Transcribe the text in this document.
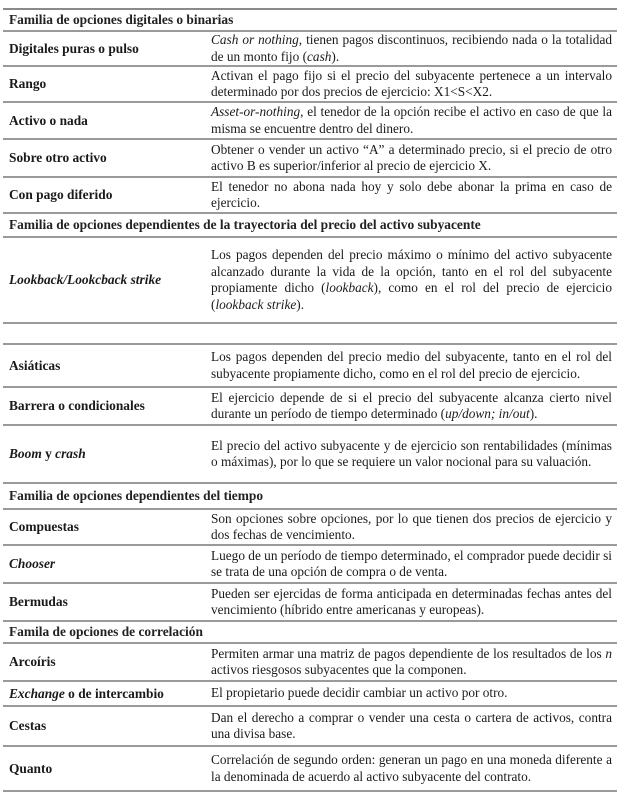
Familia de opciones digitales o binarias
Digitales puras o pulso
Cash or nothing, tienen pagos discontinuos, recibiendo nada o la totalidad de un monto fijo (cash).
Rango
Activan el pago fijo si el precio del subyacente pertenece a un intervalo determinado por dos precios de ejercicio: X1<S<X2.
Activo o nada
Asset-or-nothing, el tenedor de la opción recibe el activo en caso de que la misma se encuentre dentro del dinero.
Sobre otro activo
Obtener o vender un activo “A” a determinado precio, si el precio de otro activo B es superior/inferior al precio de ejercicio X.
Con pago diferido
El tenedor no abona nada hoy y solo debe abonar la prima en caso de ejercicio.
Familia de opciones dependientes de la trayectoria del precio del activo subyacente
Lookback/Lookcback strike
Los pagos dependen del precio máximo o mínimo del activo subyacente alcanzado durante la vida de la opción, tanto en el rol del subyacente propiamente dicho (lookback), como en el rol del precio de ejercicio (lookback strike).
Asiáticas
Los pagos dependen del precio medio del subyacente, tanto en el rol del subyacente propiamente dicho, como en el rol del precio de ejercicio.
Barrera o condicionales
El ejercicio depende de si el precio del subyacente alcanza cierto nivel durante un período de tiempo determinado (up/down; in/out).
Boom y crash
El precio del activo subyacente y de ejercicio son rentabilidades (mínimas o máximas), por lo que se requiere un valor nocional para su valuación.
Familia de opciones dependientes del tiempo
Compuestas
Son opciones sobre opciones, por lo que tienen dos precios de ejercicio y dos fechas de vencimiento.
Chooser
Luego de un período de tiempo determinado, el comprador puede decidir si se trata de una opción de compra o de venta.
Bermudas
Pueden ser ejercidas de forma anticipada en determinadas fechas antes del vencimiento (híbrido entre americanas y europeas).
Famila de opciones de correlación
Arcoíris
Permiten armar una matriz de pagos dependiente de los resultados de los n activos riesgosos subyacentes que la componen.
Exchange o de intercambio	El propietario puede decidir cambiar un activo por otro.
Cestas
Dan el derecho a comprar o vender una cesta o cartera de activos, contra una divisa base.
Quanto
Correlación de segundo orden: generan un pago en una moneda diferente a la denominada de acuerdo al activo subyacente del contrato.
